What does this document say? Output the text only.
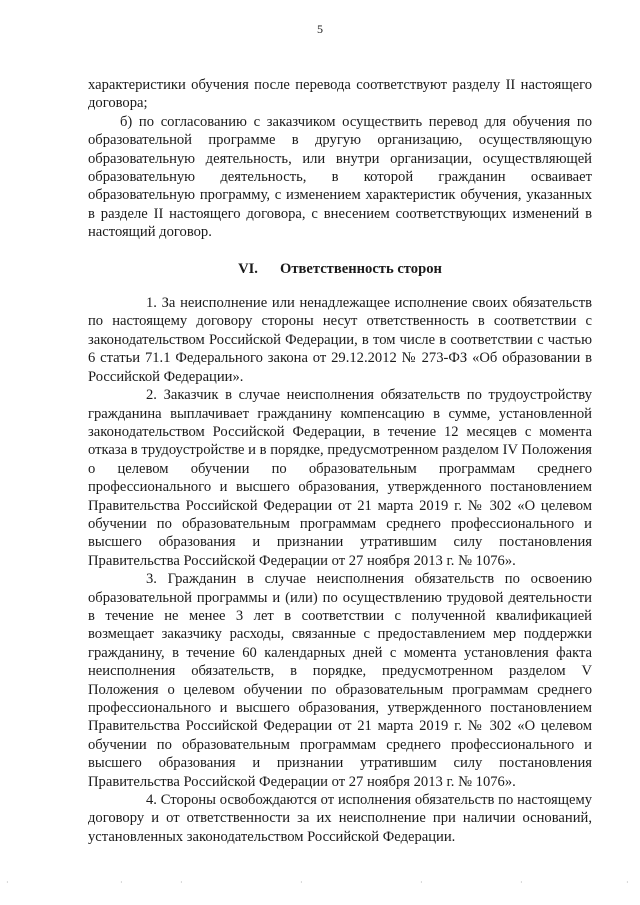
5

характеристики обучения после перевода соответствуют разделу II настоящего договора;

б) по согласованию с заказчиком осуществить перевод для обучения по образовательной программе в другую организацию, осуществляющую образовательную деятельность, или внутри организации, осуществляющей образовательную деятельность, в которой гражданин осваивает образовательную программу, с изменением характеристик обучения, указанных в разделе II настоящего договора, с внесением соответствующих изменений в настоящий договор.

VI. Ответственность сторон

1. За неисполнение или ненадлежащее исполнение своих обязательств по настоящему договору стороны несут ответственность в соответствии с законодательством Российской Федерации, в том числе в соответствии с частью 6 статьи 71.1 Федерального закона от 29.12.2012 № 273-ФЗ «Об образовании в Российской Федерации».

2. Заказчик в случае неисполнения обязательств по трудоустройству гражданина выплачивает гражданину компенсацию в сумме, установленной законодательством Российской Федерации, в течение 12 месяцев с момента отказа в трудоустройстве и в порядке, предусмотренном разделом IV Положения о целевом обучении по образовательным программам среднего профессионального и высшего образования, утвержденного постановлением Правительства Российской Федерации от 21 марта 2019 г. № 302 «О целевом обучении по образовательным программам среднего профессионального и высшего образования и признании утратившим силу постановления Правительства Российской Федерации от 27 ноября 2013 г. № 1076».

3. Гражданин в случае неисполнения обязательств по освоению образовательной программы и (или) по осуществлению трудовой деятельности в течение не менее 3 лет в соответствии с полученной квалификацией возмещает заказчику расходы, связанные с предоставлением мер поддержки гражданину, в течение 60 календарных дней с момента установления факта неисполнения обязательств, в порядке, предусмотренном разделом V Положения о целевом обучении по образовательным программам среднего профессионального и высшего образования, утвержденного постановлением Правительства Российской Федерации от 21 марта 2019 г. № 302 «О целевом обучении по образовательным программам среднего профессионального и высшего образования и признании утратившим силу постановления Правительства Российской Федерации от 27 ноября 2013 г. № 1076».

4. Стороны освобождаются от исполнения обязательств по настоящему договору и от ответственности за их неисполнение при наличии оснований, установленных законодательством Российской Федерации.

·	·	·	·	·	·	·
